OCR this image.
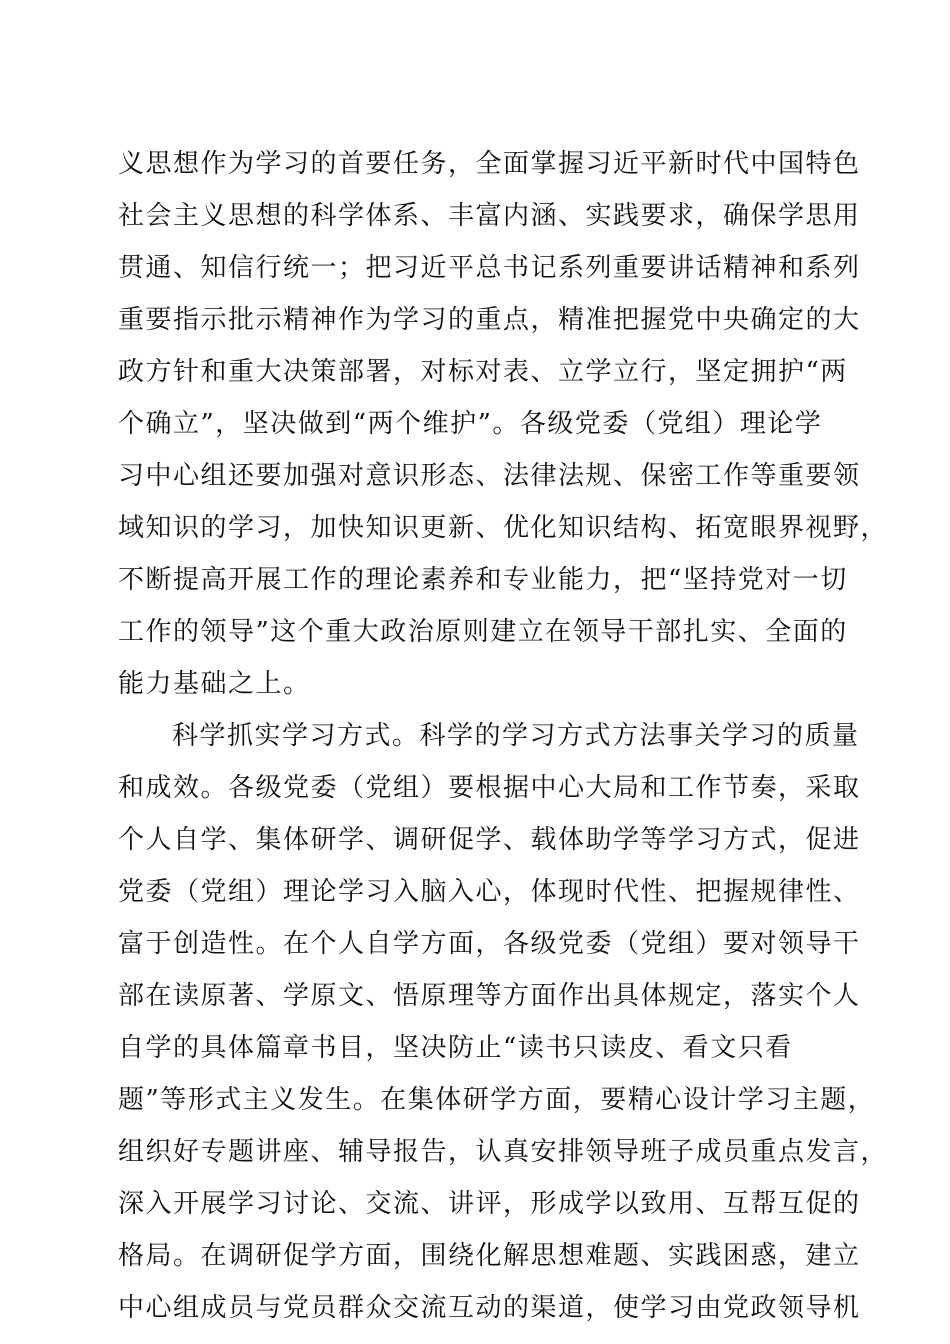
义思想作为学习的首要任务，全面掌握习近平新时代中国特色
社会主义思想的科学体系、丰富内涵、实践要求，确保学思用
贯通、知信行统一；把习近平总书记系列重要讲话精神和系列
重要指示批示精神作为学习的重点，精准把握党中央确定的大
政方针和重大决策部署，对标对表、立学立行，坚定拥护“两
个确立”，坚决做到“两个维护”。各级党委（党组）理论学
习中心组还要加强对意识形态、法律法规、保密工作等重要领
域知识的学习，加快知识更新、优化知识结构、拓宽眼界视野，
不断提高开展工作的理论素养和专业能力，把“坚持党对一切
工作的领导”这个重大政治原则建立在领导干部扎实、全面的
能力基础之上。
科学抓实学习方式。科学的学习方式方法事关学习的质量
和成效。各级党委（党组）要根据中心大局和工作节奏，采取
个人自学、集体研学、调研促学、载体助学等学习方式，促进
党委（党组）理论学习入脑入心，体现时代性、把握规律性、
富于创造性。在个人自学方面，各级党委（党组）要对领导干
部在读原著、学原文、悟原理等方面作出具体规定，落实个人
自学的具体篇章书目，坚决防止“读书只读皮、看文只看
题”等形式主义发生。在集体研学方面，要精心设计学习主题，
组织好专题讲座、辅导报告，认真安排领导班子成员重点发言，
深入开展学习讨论、交流、讲评，形成学以致用、互帮互促的
格局。在调研促学方面，围绕化解思想难题、实践困惑，建立
中心组成员与党员群众交流互动的渠道，使学习由党政领导机
